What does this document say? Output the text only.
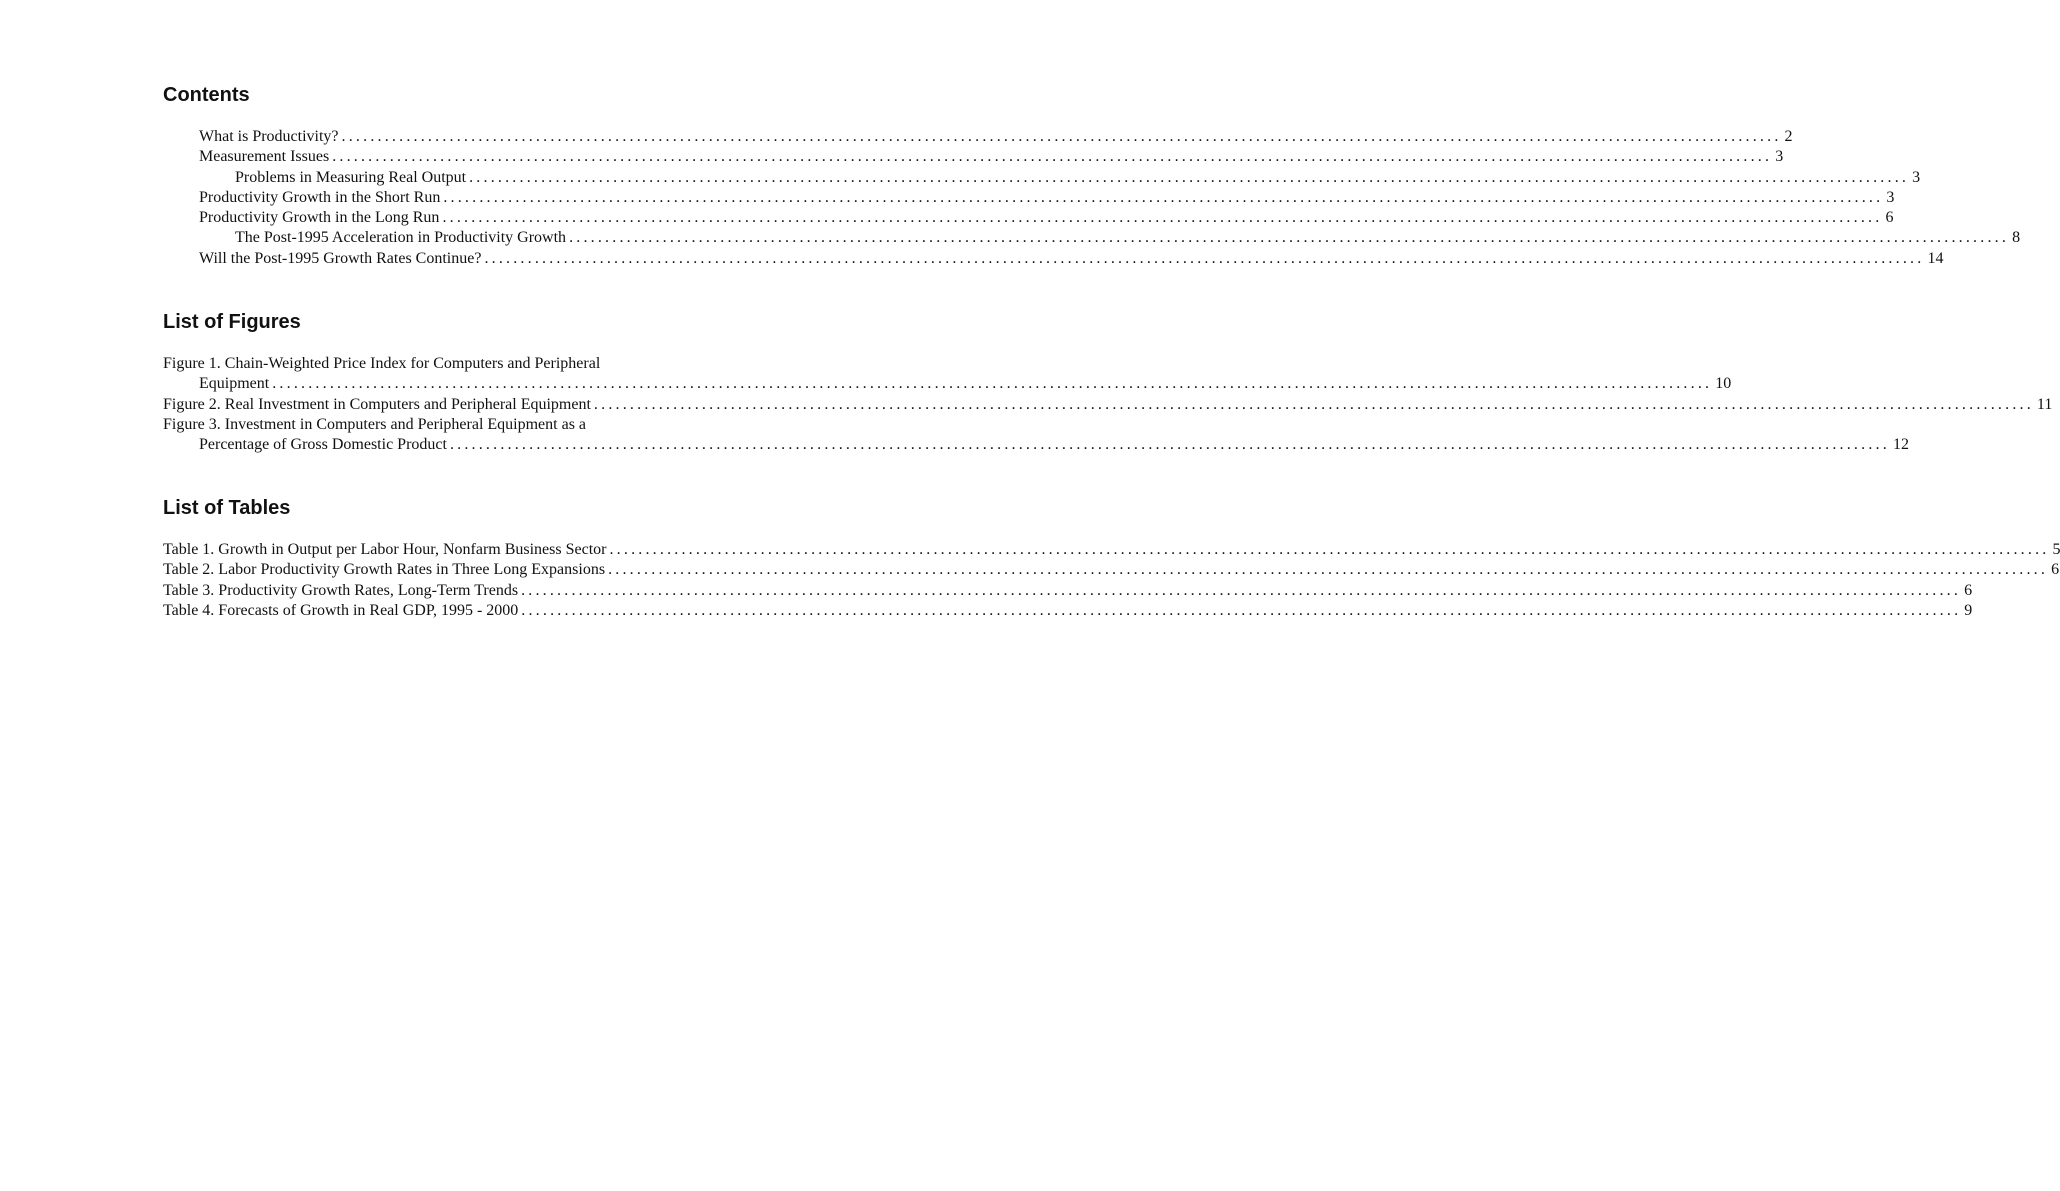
Contents
What is Productivity? ........................................................................................................................................................................................................ 2
Measurement Issues ........................................................................................................................................................................................................ 3
Problems in Measuring Real Output ........................................................................................................................................................................................................ 3
Productivity Growth in the Short Run ........................................................................................................................................................................................................ 3
Productivity Growth in the Long Run ........................................................................................................................................................................................................ 6
The Post-1995 Acceleration in Productivity Growth ........................................................................................................................................................................................................ 8
Will the Post-1995 Growth Rates Continue? ........................................................................................................................................................................................................ 14
List of Figures
Figure 1. Chain-Weighted Price Index for Computers and Peripheral
Equipment ........................................................................................................................................................................................................ 10
Figure 2. Real Investment in Computers and Peripheral Equipment ........................................................................................................................................................................................................ 11
Figure 3. Investment in Computers and Peripheral Equipment as a
Percentage of Gross Domestic Product ........................................................................................................................................................................................................ 12
List of Tables
Table 1. Growth in Output per Labor Hour, Nonfarm Business Sector ........................................................................................................................................................................................................ 5
Table 2. Labor Productivity Growth Rates in Three Long Expansions ........................................................................................................................................................................................................ 6
Table 3. Productivity Growth Rates, Long-Term Trends ........................................................................................................................................................................................................ 6
Table 4. Forecasts of Growth in Real GDP, 1995 - 2000 ........................................................................................................................................................................................................ 9
